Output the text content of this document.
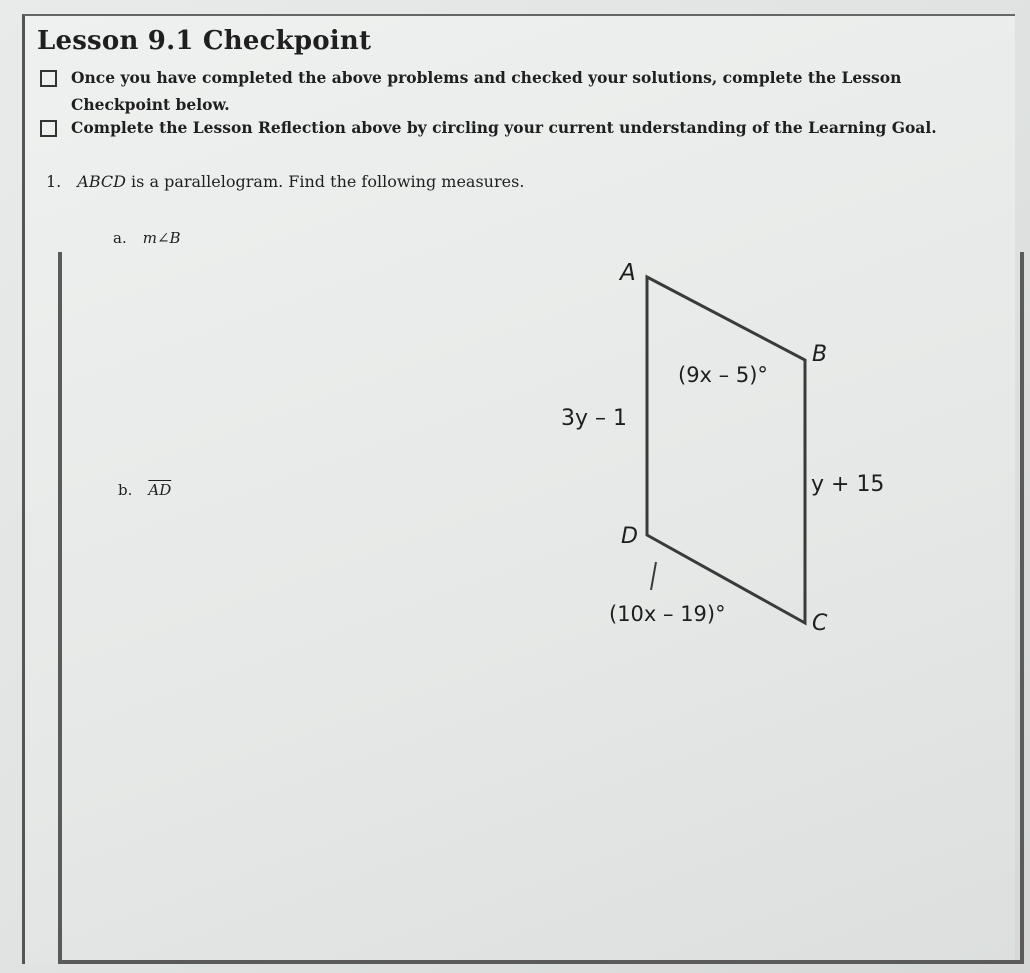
Lesson 9.1 Checkpoint
Once you have completed the above problems and checked your solutions, complete the Lesson Checkpoint below.
Complete the Lesson Reflection above by circling your current understanding of the Learning Goal.
1. ABCD is a parallelogram. Find the following measures.
a. m∠B
b. $\overline{AD}$
A
B
C
D
(9x – 5)°
(10x – 19)°
3y – 1
y + 15
